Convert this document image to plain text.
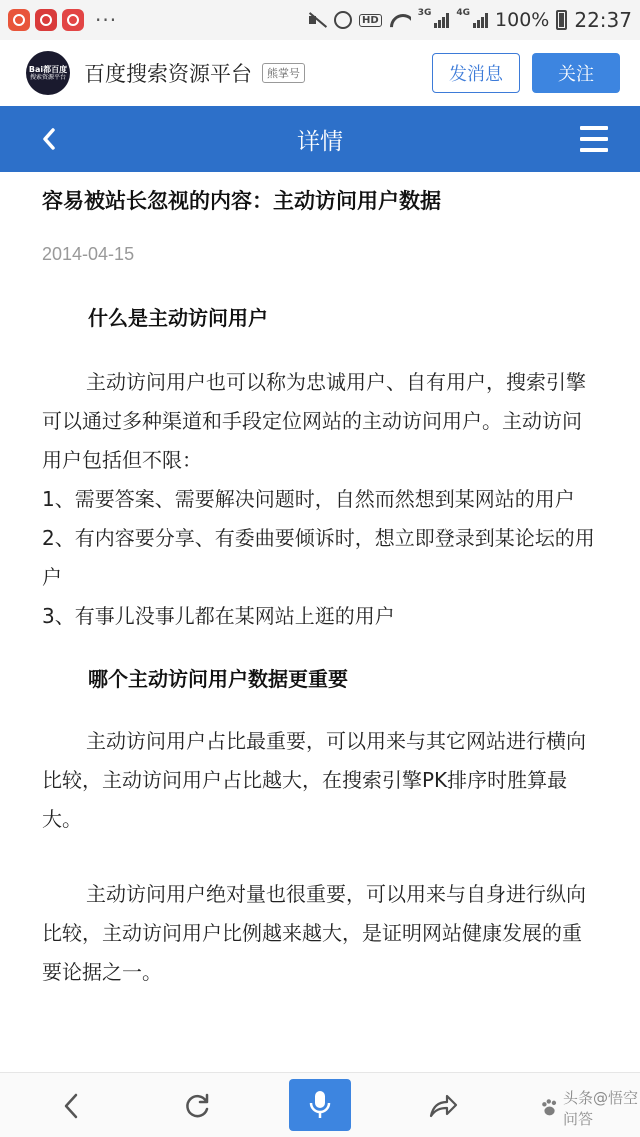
···	HD
3G	4G 100% 22:37
Bai都百度
搜索资源平台 百度搜索资源平台	熊掌号	发消息	关注
详情
容易被站长忽视的内容：主动访问用户数据
2014-04-15
什么是主动访问用户
主动访问用户也可以称为忠诚用户、自有用户，搜索引擎可以通过多种渠道和手段定位网站的主动访问用户。主动访问用户包括但不限：
1、需要答案、需要解决问题时，自然而然想到某网站的用户
2、有内容要分享、有委曲要倾诉时，想立即登录到某论坛的用户
3、有事儿没事儿都在某网站上逛的用户
哪个主动访问用户数据更重要
主动访问用户占比最重要，可以用来与其它网站进行横向比较，主动访问用户占比越大，在搜索引擎PK排序时胜算最大。
主动访问用户绝对量也很重要，可以用来与自身进行纵向比较，主动访问用户比例越来越大，是证明网站健康发展的重要论据之一。
头条@悟空问答
